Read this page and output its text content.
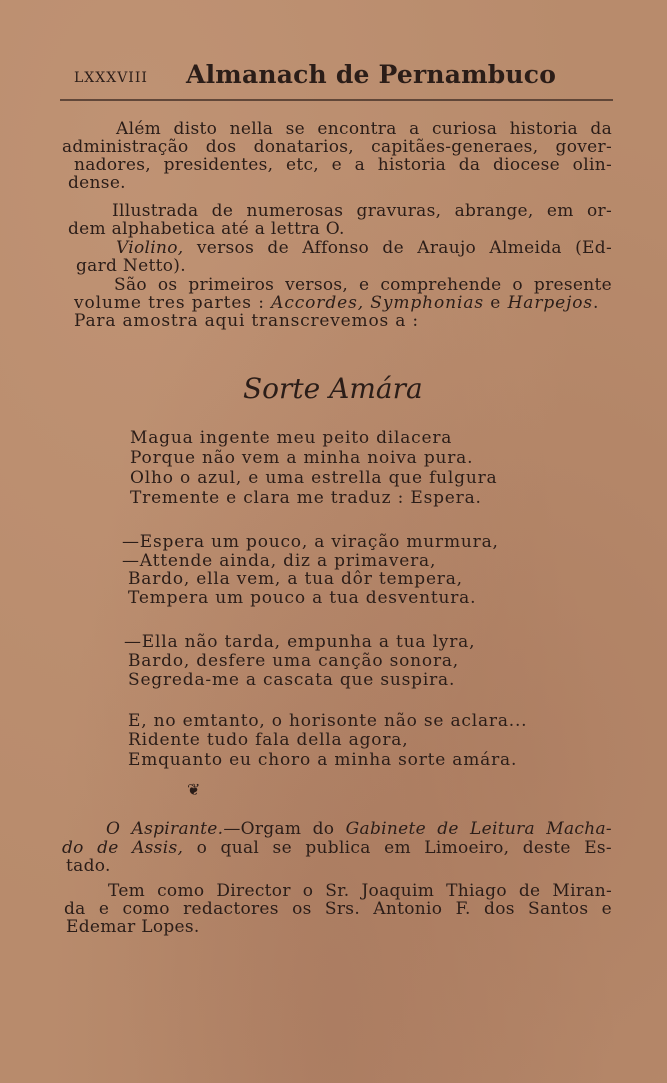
LXXXVIII Almanach de Pernambuco
Além disto nella se encontra a curiosa historia da
administração dos donatarios, capitães-generaes, gover-
nadores, presidentes, etc, e a historia da diocese olin-
dense.
Illustrada de numerosas gravuras, abrange, em or-
dem alphabetica até a lettra O.
Violino, versos de Affonso de Araujo Almeida (Ed-
gard Netto).
São os primeiros versos, e comprehende o presente
volume tres partes : Accordes, Symphonias e Harpejos.
Para amostra aqui transcrevemos a :
Sorte Amára
Magua ingente meu peito dilacera
Porque não vem a minha noiva pura.
Olho o azul, e uma estrella que fulgura
Tremente e clara me traduz : Espera.
—Espera um pouco, a viração murmura,
—Attende ainda, diz a primavera,
Bardo, ella vem, a tua dôr tempera,
Tempera um pouco a tua desventura.
—Ella não tarda, empunha a tua lyra,
Bardo, desfere uma canção sonora,
Segreda-me a cascata que suspira.
E, no emtanto, o horisonte não se aclara...
Ridente tudo fala della agora,
Emquanto eu choro a minha sorte amára.
❦
O Aspirante.—Orgam do Gabinete de Leitura Macha-
do de Assis, o qual se publica em Limoeiro, deste Es-
tado.
Tem como Director o Sr. Joaquim Thiago de Miran-
da e como redactores os Srs. Antonio F. dos Santos e
Edemar Lopes.
